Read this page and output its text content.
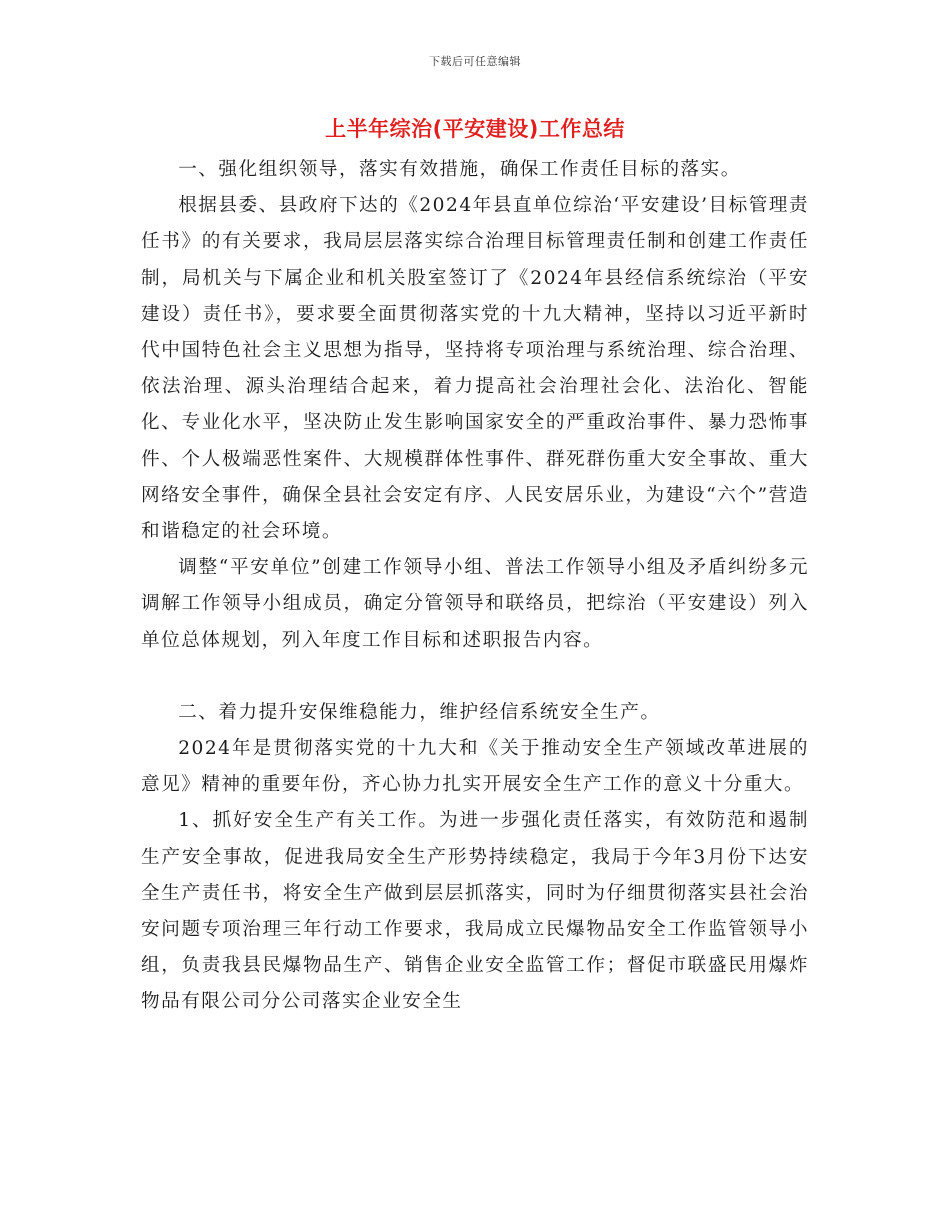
下载后可任意编辑
上半年综治(平安建设)工作总结

一、强化组织领导，落实有效措施，确保工作责任目标的落实。

根据县委、县政府下达的《2024年县直单位综治‘平安建设’目标管理责任书》的有关要求，我局层层落实综合治理目标管理责任制和创建工作责任制，局机关与下属企业和机关股室签订了《2024年县经信系统综治（平安建设）责任书》，要求要全面贯彻落实党的十九大精神，坚持以习近平新时代中国特色社会主义思想为指导，坚持将专项治理与系统治理、综合治理、依法治理、源头治理结合起来，着力提高社会治理社会化、法治化、智能化、专业化水平，坚决防止发生影响国家安全的严重政治事件、暴力恐怖事件、个人极端恶性案件、大规模群体性事件、群死群伤重大安全事故、重大网络安全事件，确保全县社会安定有序、人民安居乐业，为建设“六个”营造和谐稳定的社会环境。

调整“平安单位”创建工作领导小组、普法工作领导小组及矛盾纠纷多元调解工作领导小组成员，确定分管领导和联络员，把综治（平安建设）列入单位总体规划，列入年度工作目标和述职报告内容。

二、着力提升安保维稳能力，维护经信系统安全生产。

2024年是贯彻落实党的十九大和《关于推动安全生产领域改革进展的意见》精神的重要年份，齐心协力扎实开展安全生产工作的意义十分重大。

1、抓好安全生产有关工作。为进一步强化责任落实，有效防范和遏制生产安全事故，促进我局安全生产形势持续稳定，我局于今年3月份下达安全生产责任书，将安全生产做到层层抓落实，同时为仔细贯彻落实县社会治安问题专项治理三年行动工作要求，我局成立民爆物品安全工作监管领导小组，负责我县民爆物品生产、销售企业安全监管工作；督促市联盛民用爆炸物品有限公司分公司落实企业安全生
